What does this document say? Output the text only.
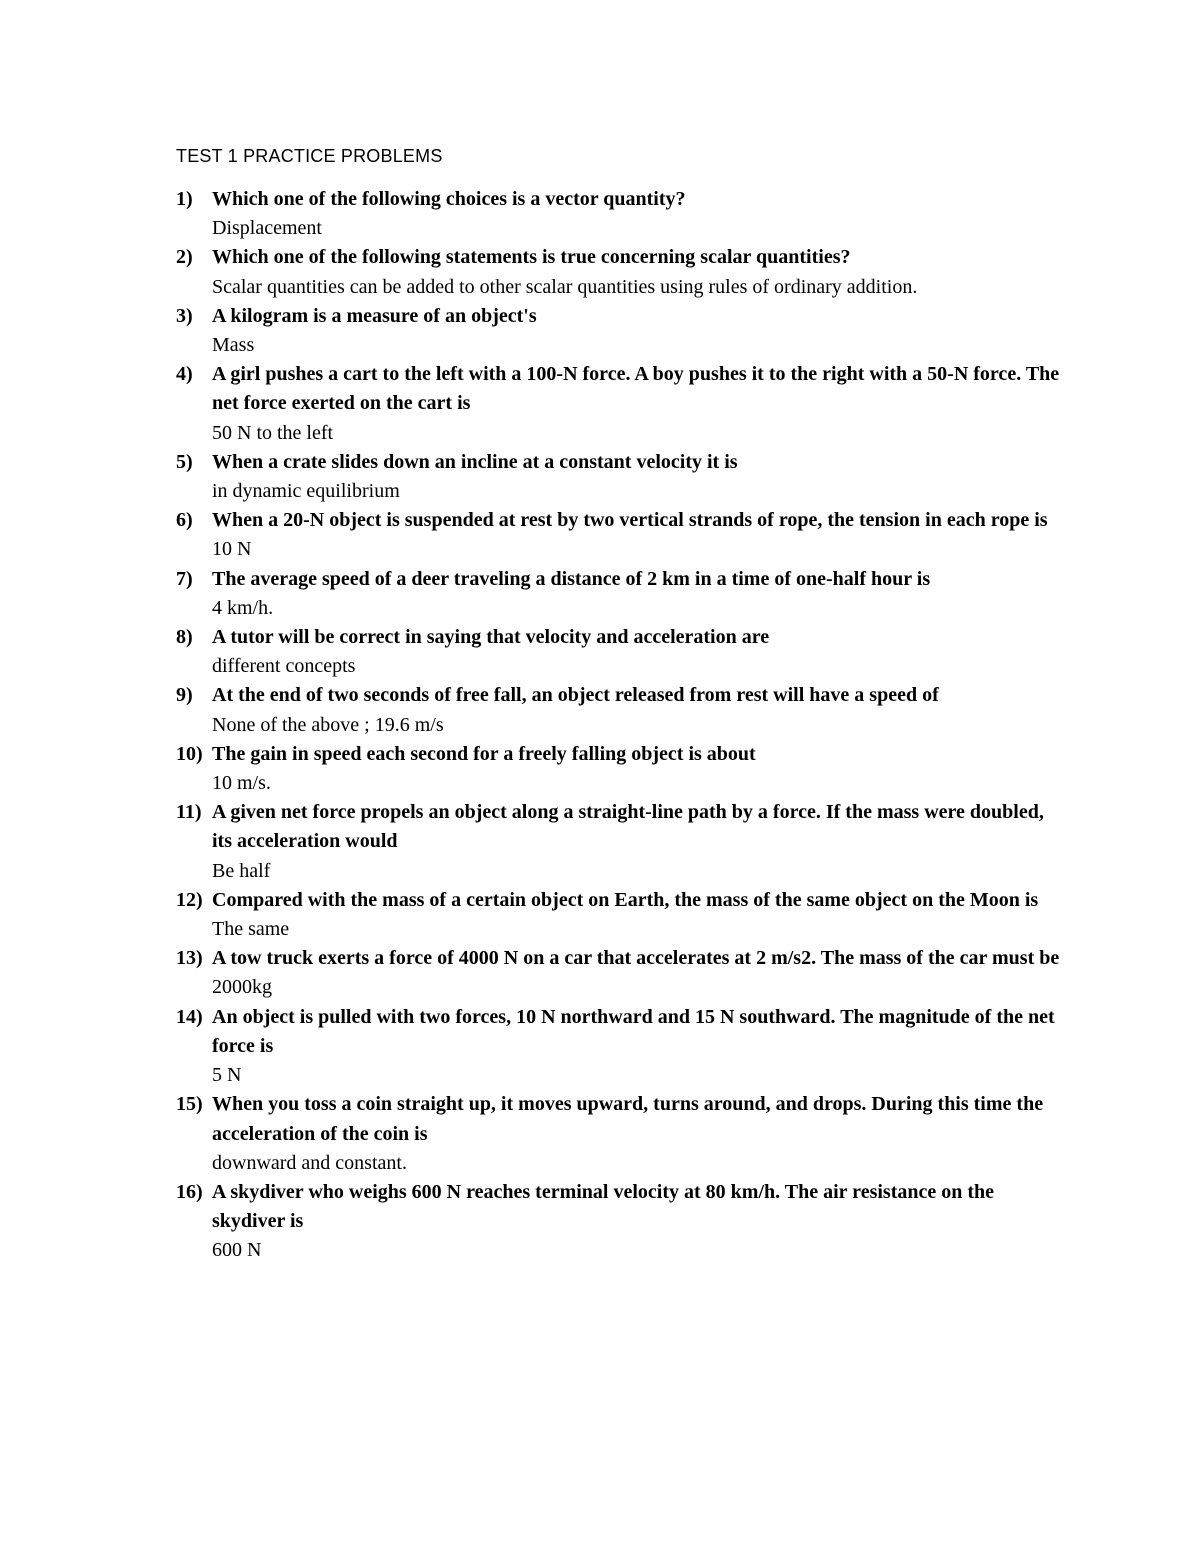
TEST 1 PRACTICE PROBLEMS
1) Which one of the following choices is a vector quantity?
Displacement
2) Which one of the following statements is true concerning scalar quantities?
Scalar quantities can be added to other scalar quantities using rules of ordinary addition.
3) A kilogram is a measure of an object's
Mass
4) A girl pushes a cart to the left with a 100-N force. A boy pushes it to the right with a 50-N force. The net force exerted on the cart is
50 N to the left
5) When a crate slides down an incline at a constant velocity it is
in dynamic equilibrium
6) When a 20-N object is suspended at rest by two vertical strands of rope, the tension in each rope is
10 N
7) The average speed of a deer traveling a distance of 2 km in a time of one-half hour is
4 km/h.
8) A tutor will be correct in saying that velocity and acceleration are
different concepts
9) At the end of two seconds of free fall, an object released from rest will have a speed of
None of the above ; 19.6 m/s
10) The gain in speed each second for a freely falling object is about
10 m/s.
11) A given net force propels an object along a straight-line path by a force. If the mass were doubled, its acceleration would
Be half
12) Compared with the mass of a certain object on Earth, the mass of the same object on the Moon is
The same
13) A tow truck exerts a force of 4000 N on a car that accelerates at 2 m/s2. The mass of the car must be
2000kg
14) An object is pulled with two forces, 10 N northward and 15 N southward. The magnitude of the net force is
5 N
15) When you toss a coin straight up, it moves upward, turns around, and drops. During this time the acceleration of the coin is
downward and constant.
16) A skydiver who weighs 600 N reaches terminal velocity at 80 km/h. The air resistance on the skydiver is
600 N
